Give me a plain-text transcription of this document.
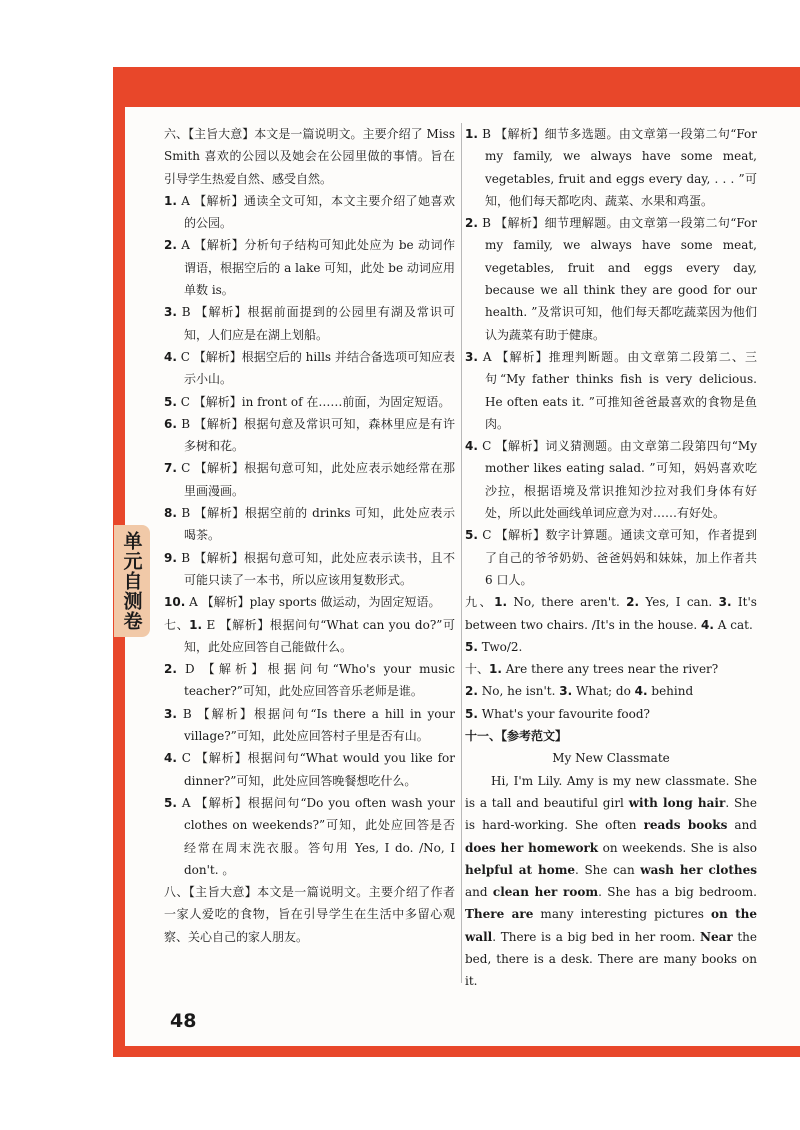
单元自测卷

六、【主旨大意】本文是一篇说明文。主要介绍了 Miss Smith 喜欢的公园以及她会在公园里做的事情。旨在引导学生热爱自然、感受自然。

1. A 【解析】通读全文可知，本文主要介绍了她喜欢的公园。

2. A 【解析】分析句子结构可知此处应为 be 动词作谓语，根据空后的 a lake 可知，此处 be 动词应用单数 is。

3. B 【解析】根据前面提到的公园里有湖及常识可知，人们应是在湖上划船。

4. C 【解析】根据空后的 hills 并结合备选项可知应表示小山。

5. C 【解析】in front of 在……前面，为固定短语。

6. B 【解析】根据句意及常识可知，森林里应是有许多树和花。

7. C 【解析】根据句意可知，此处应表示她经常在那里画漫画。

8. B 【解析】根据空前的 drinks 可知，此处应表示喝茶。

9. B 【解析】根据句意可知，此处应表示读书，且不可能只读了一本书，所以应该用复数形式。

10. A 【解析】play sports 做运动，为固定短语。

七、1. E 【解析】根据问句“What can you do?”可知，此处应回答自己能做什么。

2. D 【解析】根据问句“Who's your music teacher?”可知，此处应回答音乐老师是谁。

3. B 【解析】根据问句“Is there a hill in your village?”可知，此处应回答村子里是否有山。

4. C 【解析】根据问句“What would you like for dinner?”可知，此处应回答晚餐想吃什么。

5. A 【解析】根据问句“Do you often wash your clothes on weekends?”可知，此处应回答是否经常在周末洗衣服。答句用 Yes, I do. /No, I don't. 。

八、【主旨大意】本文是一篇说明文。主要介绍了作者一家人爱吃的食物，旨在引导学生在生活中多留心观察、关心自己的家人朋友。

1. B 【解析】细节多选题。由文章第一段第二句“For my family, we always have some meat, vegetables, fruit and eggs every day, . . . ”可知，他们每天都吃肉、蔬菜、水果和鸡蛋。

2. B 【解析】细节理解题。由文章第一段第二句“For my family, we always have some meat, vegetables, fruit and eggs every day, because we all think they are good for our health. ”及常识可知，他们每天都吃蔬菜因为他们认为蔬菜有助于健康。

3. A 【解析】推理判断题。由文章第二段第二、三句“My father thinks fish is very delicious. He often eats it. ”可推知爸爸最喜欢的食物是鱼肉。

4. C 【解析】词义猜测题。由文章第二段第四句“My mother likes eating salad. ”可知，妈妈喜欢吃沙拉，根据语境及常识推知沙拉对我们身体有好处，所以此处画线单词应意为对……有好处。

5. C 【解析】数字计算题。通读文章可知，作者提到了自己的爷爷奶奶、爸爸妈妈和妹妹，加上作者共 6 口人。

九、1. No, there aren't. 2. Yes, I can. 3. It's between two chairs. /It's in the house. 4. A cat.
5. Two/2.

十、1. Are there any trees near the river?
2. No, he isn't. 3. What; do 4. behind
5. What's your favourite food?

十一、【参考范文】

My New Classmate

Hi, I'm Lily. Amy is my new classmate. She is a tall and beautiful girl with long hair. She is hard-working. She often reads books and does her homework on weekends. She is also helpful at home. She can wash her clothes and clean her room. She has a big bedroom. There are many interesting pictures on the wall. There is a big bed in her room. Near the bed, there is a desk. There are many books on it.

48
